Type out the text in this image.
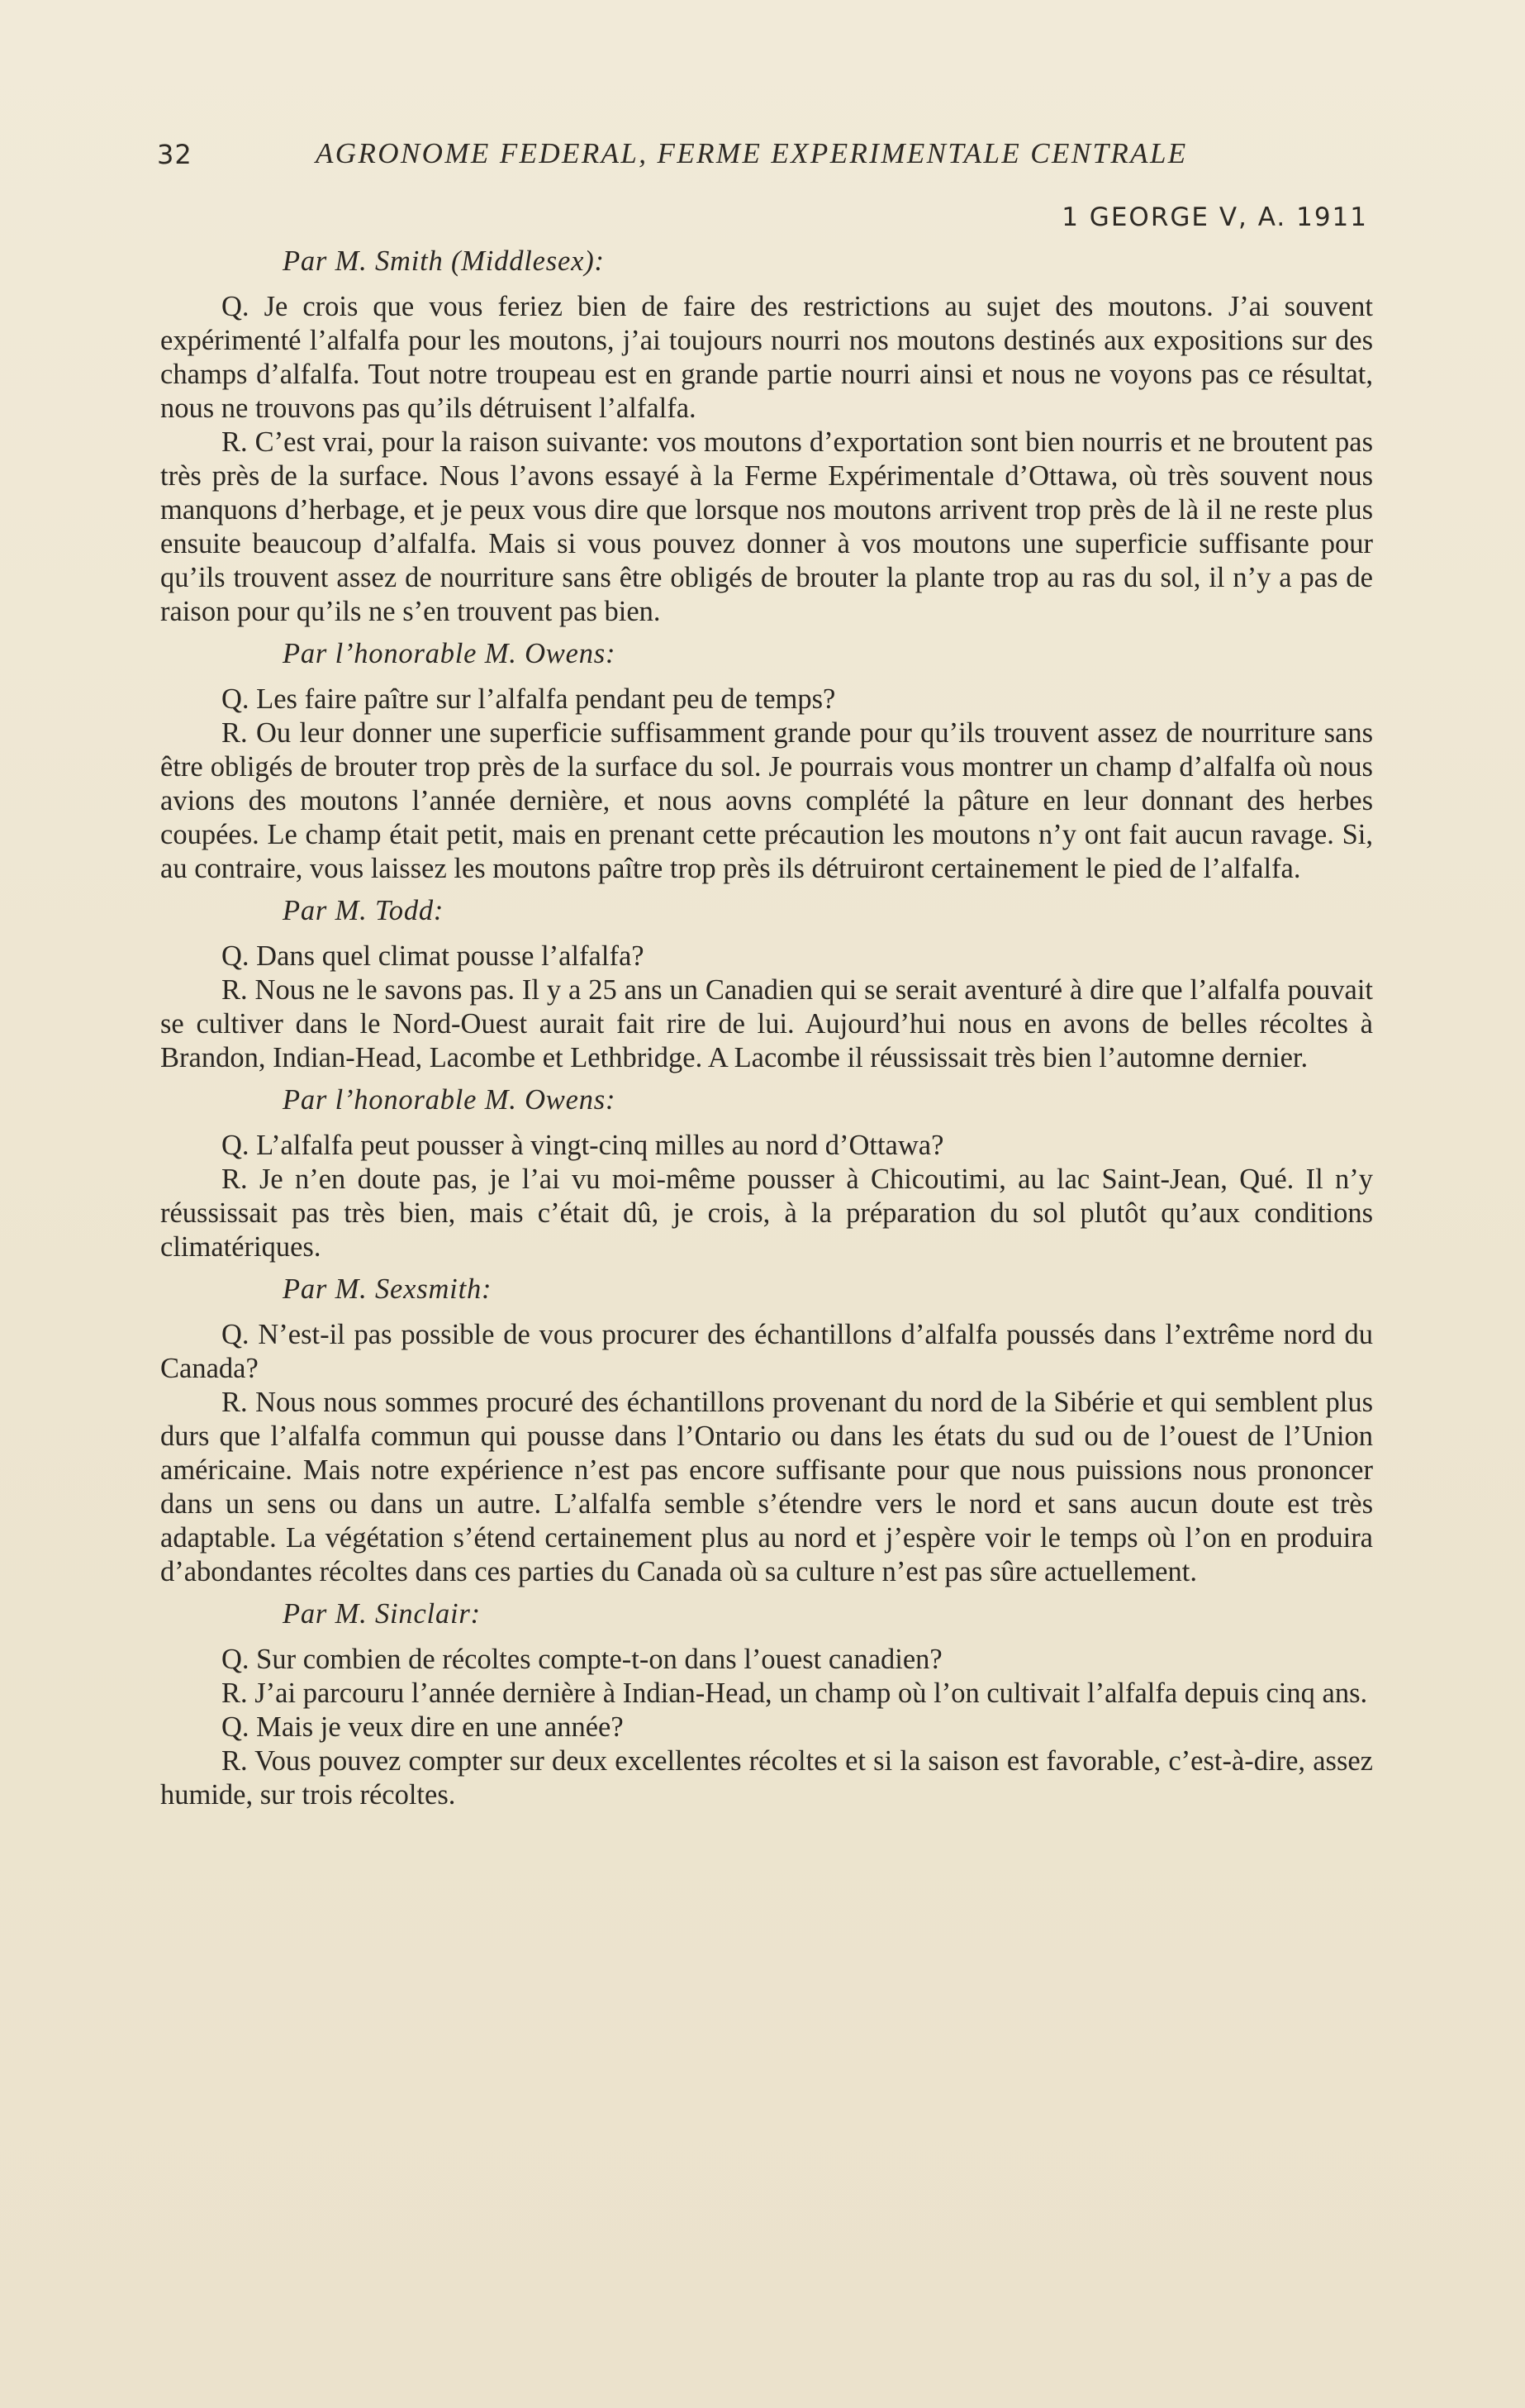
32	AGRONOME FEDERAL, FERME EXPERIMENTALE CENTRALE
1 GEORGE V, A. 1911
Par M. Smith (Middlesex):

Q. Je crois que vous feriez bien de faire des restrictions au sujet des moutons. J’ai souvent expérimenté l’alfalfa pour les moutons, j’ai toujours nourri nos moutons destinés aux expositions sur des champs d’alfalfa. Tout notre troupeau est en grande partie nourri ainsi et nous ne voyons pas ce résultat, nous ne trouvons pas qu’ils détruisent l’alfalfa.

R. C’est vrai, pour la raison suivante: vos moutons d’exportation sont bien nourris et ne broutent pas très près de la surface. Nous l’avons essayé à la Ferme Expérimentale d’Ottawa, où très souvent nous manquons d’herbage, et je peux vous dire que lorsque nos moutons arrivent trop près de là il ne reste plus ensuite beaucoup d’alfalfa. Mais si vous pouvez donner à vos moutons une superficie suffisante pour qu’ils trouvent assez de nourriture sans être obligés de brouter la plante trop au ras du sol, il n’y a pas de raison pour qu’ils ne s’en trouvent pas bien.

Par l’honorable M. Owens:

Q. Les faire paître sur l’alfalfa pendant peu de temps?

R. Ou leur donner une superficie suffisamment grande pour qu’ils trouvent assez de nourriture sans être obligés de brouter trop près de la surface du sol. Je pourrais vous montrer un champ d’alfalfa où nous avions des moutons l’année dernière, et nous aovns complété la pâture en leur donnant des herbes coupées. Le champ était petit, mais en prenant cette précaution les moutons n’y ont fait aucun ravage. Si, au contraire, vous laissez les moutons paître trop près ils détruiront certainement le pied de l’alfalfa.

Par M. Todd:

Q. Dans quel climat pousse l’alfalfa?

R. Nous ne le savons pas. Il y a 25 ans un Canadien qui se serait aventuré à dire que l’alfalfa pouvait se cultiver dans le Nord-Ouest aurait fait rire de lui. Aujourd’hui nous en avons de belles récoltes à Brandon, Indian-Head, Lacombe et Lethbridge. A Lacombe il réussissait très bien l’automne dernier.

Par l’honorable M. Owens:

Q. L’alfalfa peut pousser à vingt-cinq milles au nord d’Ottawa?

R. Je n’en doute pas, je l’ai vu moi-même pousser à Chicoutimi, au lac Saint-Jean, Qué. Il n’y réussissait pas très bien, mais c’était dû, je crois, à la préparation du sol plutôt qu’aux conditions climatériques.

Par M. Sexsmith:

Q. N’est-il pas possible de vous procurer des échantillons d’alfalfa poussés dans l’extrême nord du Canada?

R. Nous nous sommes procuré des échantillons provenant du nord de la Sibérie et qui semblent plus durs que l’alfalfa commun qui pousse dans l’Ontario ou dans les états du sud ou de l’ouest de l’Union américaine. Mais notre expérience n’est pas encore suffisante pour que nous puissions nous prononcer dans un sens ou dans un autre. L’alfalfa semble s’étendre vers le nord et sans aucun doute est très adaptable. La végétation s’étend certainement plus au nord et j’espère voir le temps où l’on en produira d’abondantes récoltes dans ces parties du Canada où sa culture n’est pas sûre actuellement.

Par M. Sinclair:

Q. Sur combien de récoltes compte-t-on dans l’ouest canadien?

R. J’ai parcouru l’année dernière à Indian-Head, un champ où l’on cultivait l’alfalfa depuis cinq ans.

Q. Mais je veux dire en une année?

R. Vous pouvez compter sur deux excellentes récoltes et si la saison est favorable, c’est-à-dire, assez humide, sur trois récoltes.
